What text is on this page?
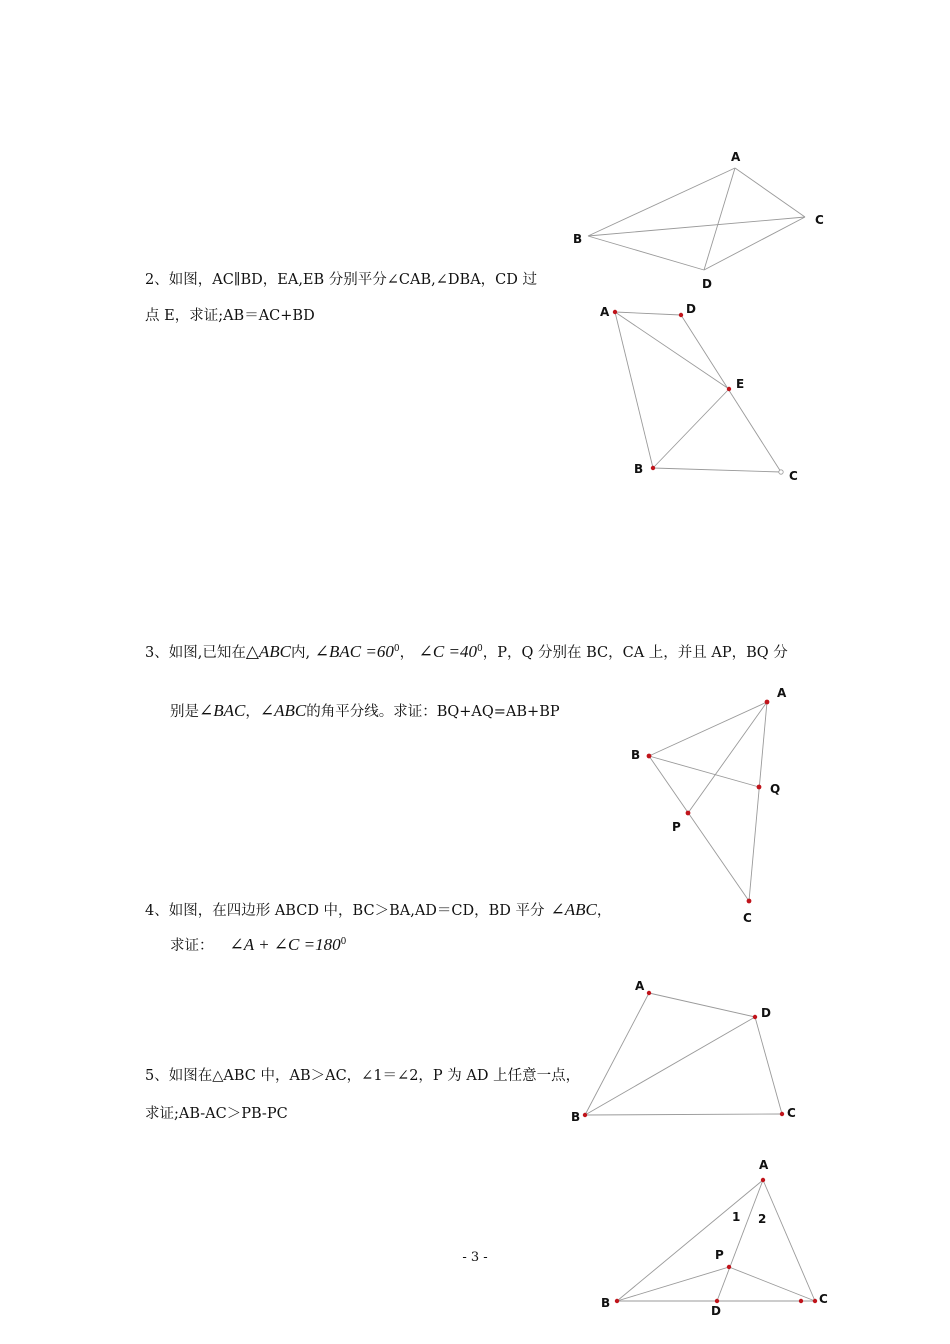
2、如图，AC∥BD，EA,EB 分别平分∠CAB,∠DBA，CD 过
点 E，求证;AB＝AC+BD
3、如图,已知在△ABC内, ∠BAC $=60^0$， ∠C $=40^0$，P，Q 分别在 BC，CA 上，并且 AP，BQ 分
别是∠BAC，∠ABC的角平分线。求证：BQ+AQ=AB+BP
4、如图，在四边形 ABCD 中，BC＞BA,AD＝CD，BD 平分 ∠ABC，
求证： ∠A + ∠C $=180^0$
5、如图在△ABC 中，AB＞AC，∠1＝∠2，P 为 AD 上任意一点，
求证;AB-AC＞PB-PC
- 3 -
A
B
C
D
A	D
E
B	C
A
B
Q
P
C
A
D
B	C
A
1 2
P
B
D
C
